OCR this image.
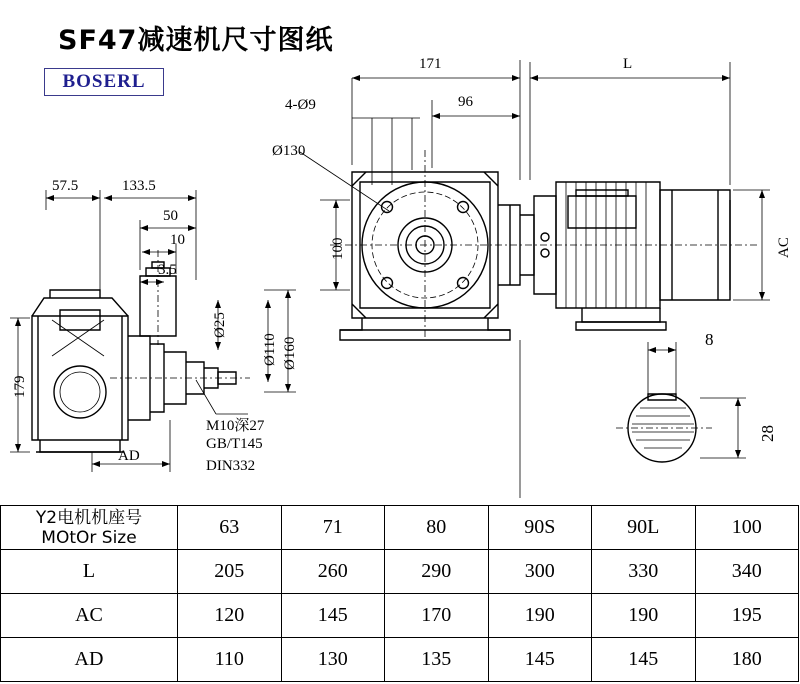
SF47减速机尺寸图纸
BOSERL
171	L
96
4-Ø9
Ø130
100	AC
Ø160
Ø110
Ø25
57.5	133.5
50
10
3.5
179
AD
M10深27
GB/T145
DIN332
8
28
Y2电机机座号
MOtOr Size	63	71	80	90S	90L	100
L	205	260	290	300	330	340
AC	120	145	170	190	190	195
AD	110	130	135	145	145	180
